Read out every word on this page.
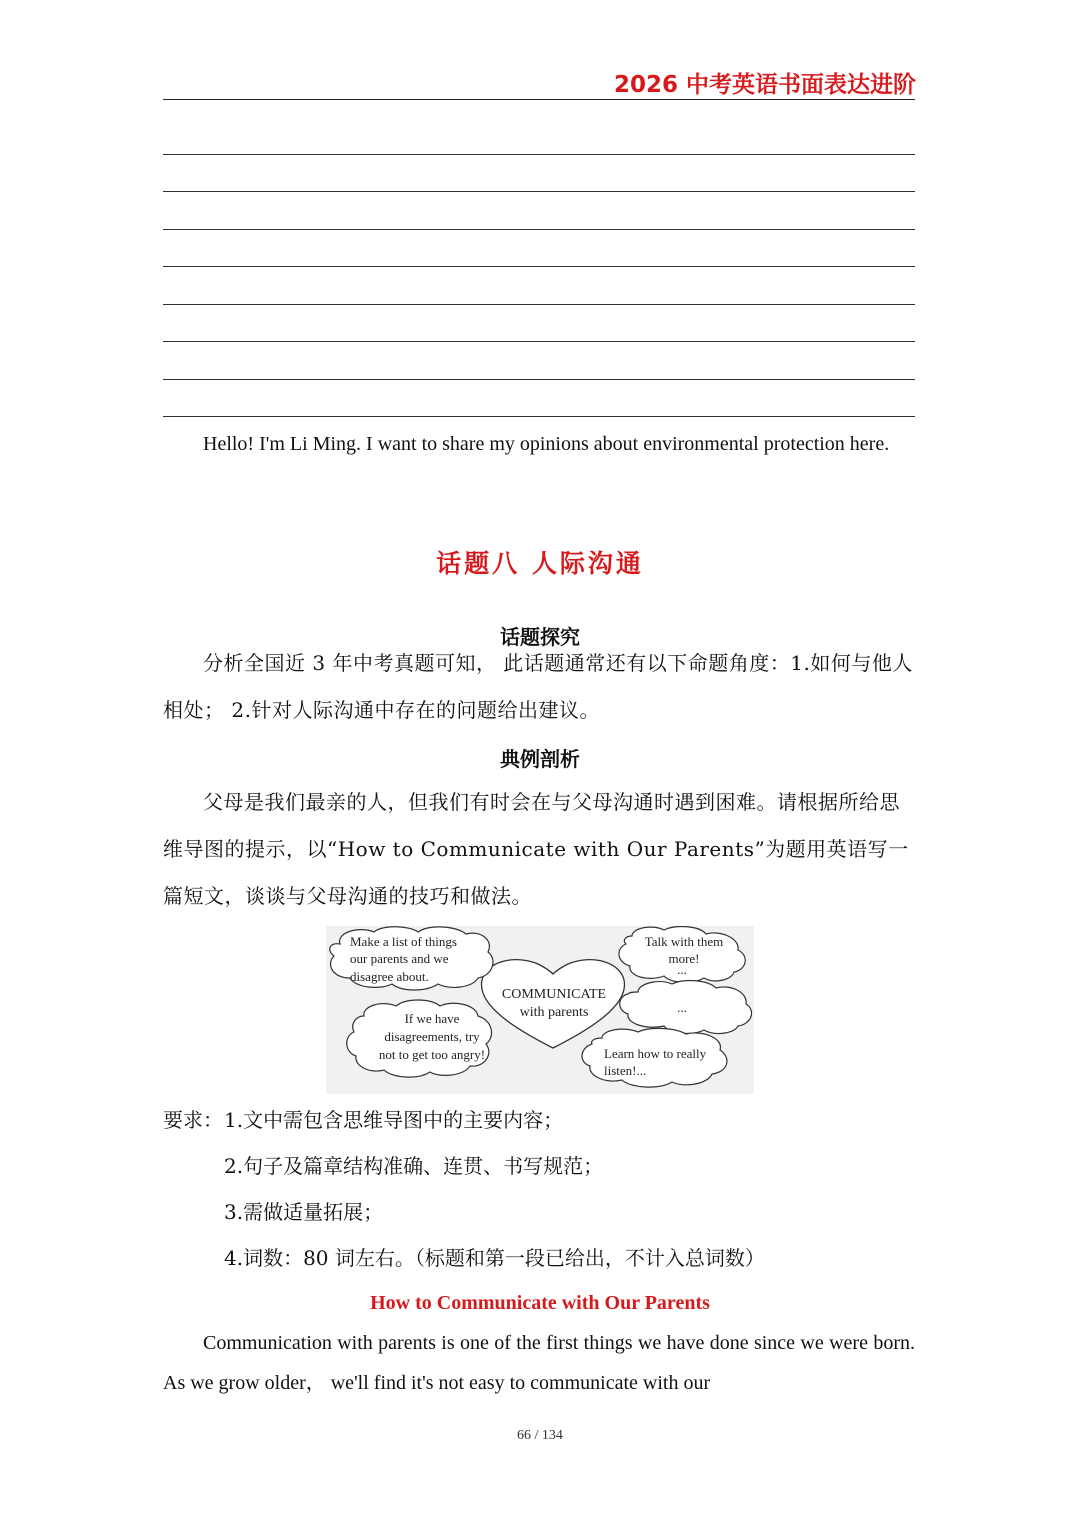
2026 中考英语书面表达进阶
Hello! I'm Li Ming. I want to share my opinions about environmental protection here.
话题八 人际沟通
话题探究
分析全国近 3 年中考真题可知， 此话题通常还有以下命题角度：1.如何与他人相处； 2.针对人际沟通中存在的问题给出建议。
典例剖析
父母是我们最亲的人，但我们有时会在与父母沟通时遇到困难。请根据所给思维导图的提示，以“How to Communicate with Our Parents”为题用英语写一篇短文，谈谈与父母沟通的技巧和做法。
COMMUNICATE
with parents
Make a list of things
our parents and we
disagree about.
If we have
disagreements, try
not to get too angry!
Talk with them
more!
...
...
Learn how to really
listen!...
要求： 1.文中需包含思维导图中的主要内容；
2.句子及篇章结构准确、连贯、书写规范；
3.需做适量拓展；
4.词数：80 词左右。（标题和第一段已给出，不计入总词数）
How to Communicate with Our Parents
Communication with parents is one of the first things we have done since we were born. As we grow older， we'll find it's not easy to communicate with our
66 / 134
